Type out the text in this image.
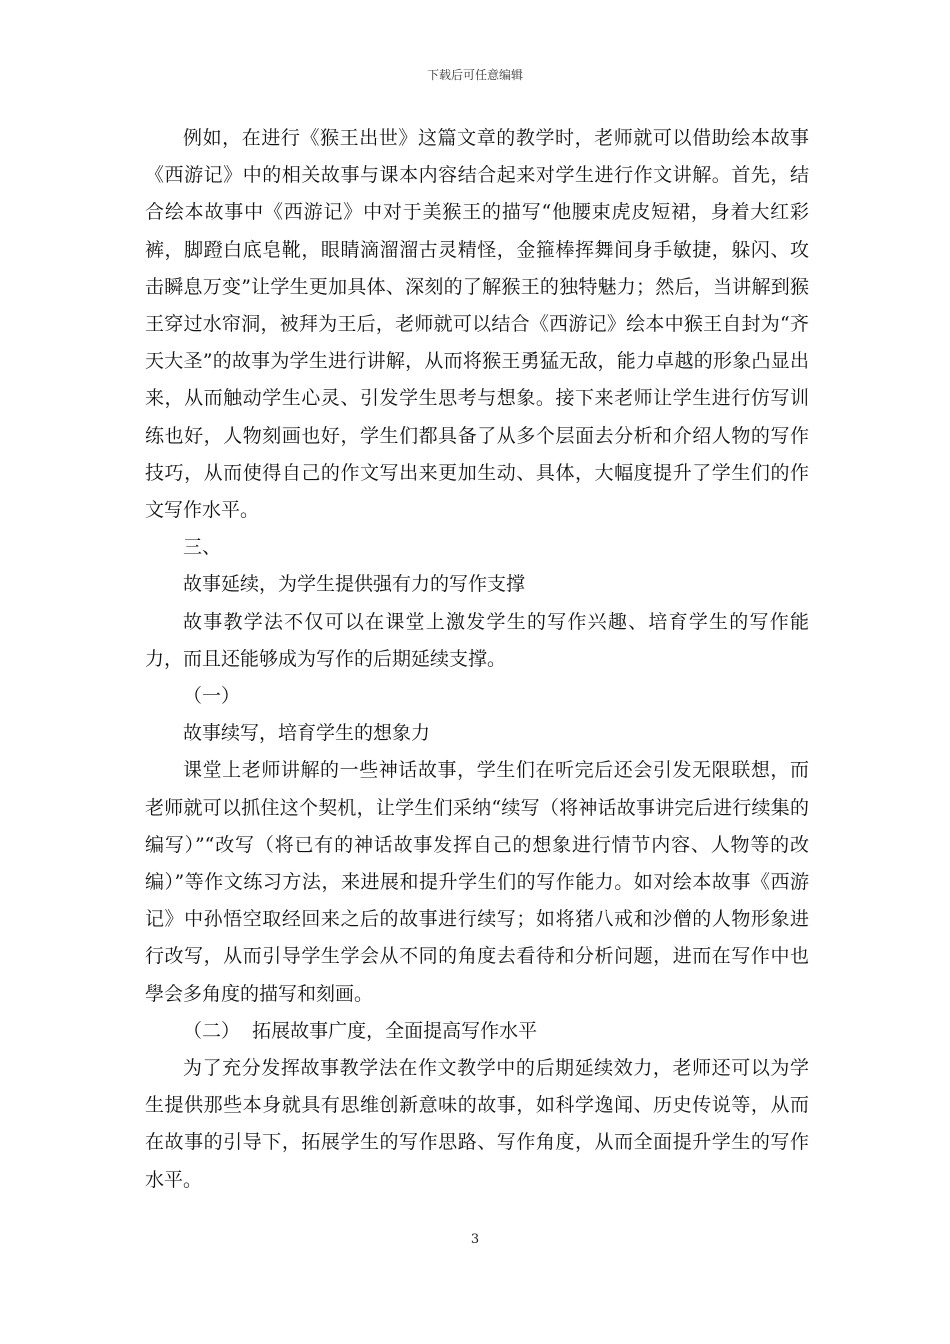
下载后可任意编辑

例如，在进行《猴王出世》这篇文章的教学时，老师就可以借助绘本故事《西游记》中的相关故事与课本内容结合起来对学生进行作文讲解。首先，结合绘本故事中《西游记》中对于美猴王的描写“他腰束虎皮短裙，身着大红彩裤，脚蹬白底皂靴，眼睛滴溜溜古灵精怪，金箍棒挥舞间身手敏捷，躲闪、攻击瞬息万变”让学生更加具体、深刻的了解猴王的独特魅力；然后，当讲解到猴王穿过水帘洞，被拜为王后，老师就可以结合《西游记》绘本中猴王自封为“齐天大圣”的故事为学生进行讲解，从而将猴王勇猛无敌，能力卓越的形象凸显出来，从而触动学生心灵、引发学生思考与想象。接下来老师让学生进行仿写训练也好，人物刻画也好，学生们都具备了从多个层面去分析和介绍人物的写作技巧，从而使得自己的作文写出来更加生动、具体，大幅度提升了学生们的作文写作水平。

三、

故事延续，为学生提供强有力的写作支撑

故事教学法不仅可以在课堂上激发学生的写作兴趣、培育学生的写作能力，而且还能够成为写作的后期延续支撑。

（一）

故事续写，培育学生的想象力

课堂上老师讲解的一些神话故事，学生们在听完后还会引发无限联想，而老师就可以抓住这个契机，让学生们采纳“续写（将神话故事讲完后进行续集的编写）”“改写（将已有的神话故事发挥自己的想象进行情节内容、人物等的改编）”等作文练习方法，来进展和提升学生们的写作能力。如对绘本故事《西游记》中孙悟空取经回来之后的故事进行续写；如将猪八戒和沙僧的人物形象进行改写，从而引导学生学会从不同的角度去看待和分析问题，进而在写作中也學会多角度的描写和刻画。

（二）  拓展故事广度，全面提高写作水平

为了充分发挥故事教学法在作文教学中的后期延续效力，老师还可以为学生提供那些本身就具有思维创新意味的故事，如科学逸闻、历史传说等，从而在故事的引导下，拓展学生的写作思路、写作角度，从而全面提升学生的写作水平。

3
